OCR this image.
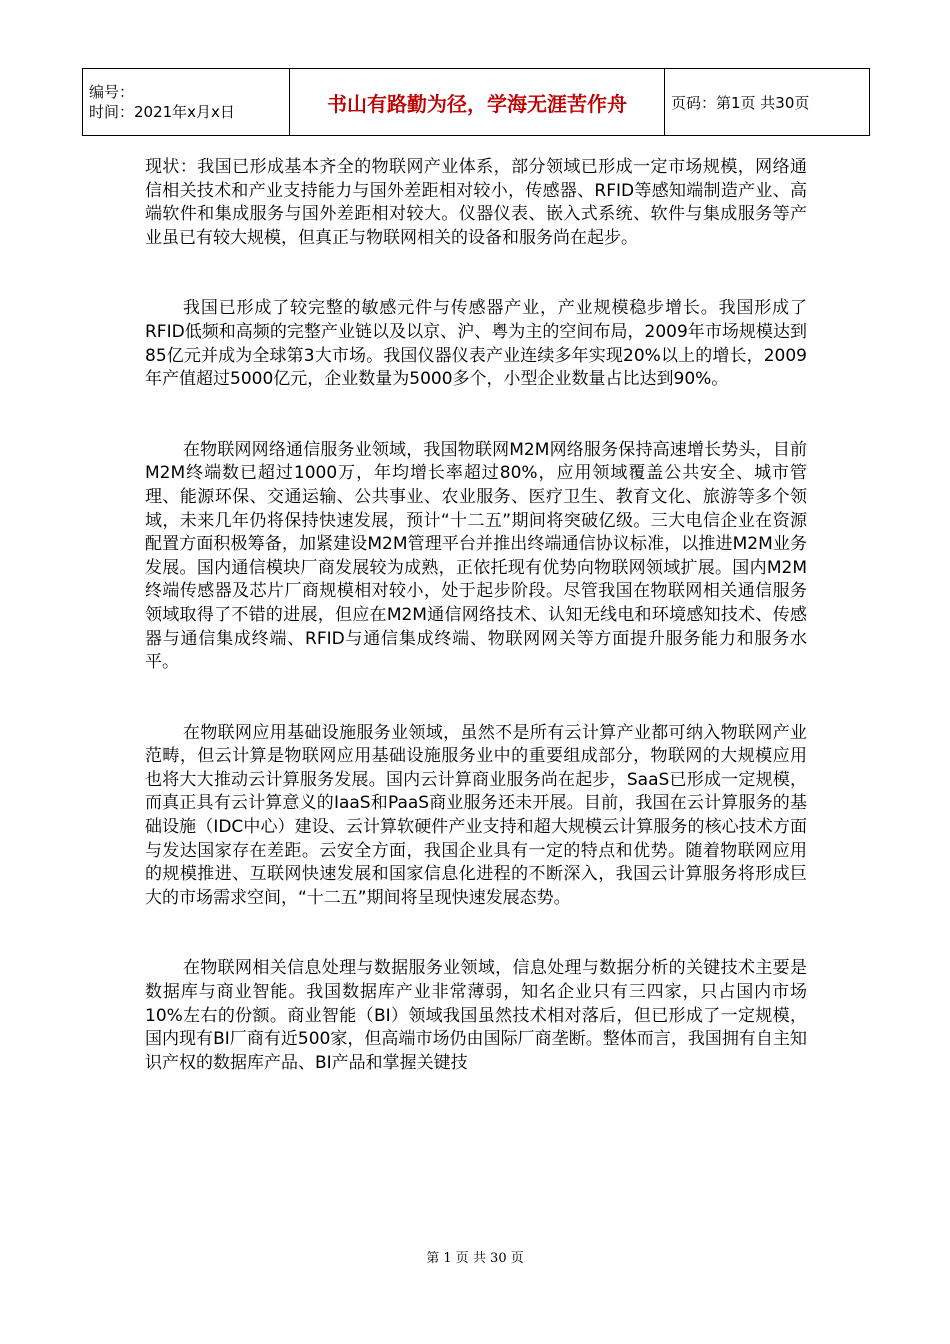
编号：
时间：2021年x月x日	书山有路勤为径，学海无涯苦作舟	页码：第1页 共30页

现状：我国已形成基本齐全的物联网产业体系，部分领域已形成一定市场规模，网络通信相关技术和产业支持能力与国外差距相对较小，传感器、RFID等感知端制造产业、高端软件和集成服务与国外差距相对较大。仪器仪表、嵌入式系统、软件与集成服务等产业虽已有较大规模，但真正与物联网相关的设备和服务尚在起步。

我国已形成了较完整的敏感元件与传感器产业，产业规模稳步增长。我国形成了RFID低频和高频的完整产业链以及以京、沪、粤为主的空间布局，2009年市场规模达到85亿元并成为全球第3大市场。我国仪器仪表产业连续多年实现20%以上的增长，2009年产值超过5000亿元，企业数量为5000多个，小型企业数量占比达到90%。

在物联网网络通信服务业领域，我国物联网M2M网络服务保持高速增长势头，目前M2M终端数已超过1000万，年均增长率超过80%，应用领域覆盖公共安全、城市管理、能源环保、交通运输、公共事业、农业服务、医疗卫生、教育文化、旅游等多个领域，未来几年仍将保持快速发展，预计“十二五”期间将突破亿级。三大电信企业在资源配置方面积极筹备，加紧建设M2M管理平台并推出终端通信协议标准，以推进M2M业务发展。国内通信模块厂商发展较为成熟，正依托现有优势向物联网领域扩展。国内M2M终端传感器及芯片厂商规模相对较小，处于起步阶段。尽管我国在物联网相关通信服务领域取得了不错的进展，但应在M2M通信网络技术、认知无线电和环境感知技术、传感器与通信集成终端、RFID与通信集成终端、物联网网关等方面提升服务能力和服务水平。

在物联网应用基础设施服务业领域，虽然不是所有云计算产业都可纳入物联网产业范畴，但云计算是物联网应用基础设施服务业中的重要组成部分，物联网的大规模应用也将大大推动云计算服务发展。国内云计算商业服务尚在起步，SaaS已形成一定规模，而真正具有云计算意义的IaaS和PaaS商业服务还未开展。目前，我国在云计算服务的基础设施（IDC中心）建设、云计算软硬件产业支持和超大规模云计算服务的核心技术方面与发达国家存在差距。云安全方面，我国企业具有一定的特点和优势。随着物联网应用的规模推进、互联网快速发展和国家信息化进程的不断深入，我国云计算服务将形成巨大的市场需求空间，“十二五”期间将呈现快速发展态势。

在物联网相关信息处理与数据服务业领域，信息处理与数据分析的关键技术主要是数据库与商业智能。我国数据库产业非常薄弱，知名企业只有三四家，只占国内市场10%左右的份额。商业智能（BI）领域我国虽然技术相对落后，但已形成了一定规模，国内现有BI厂商有近500家，但高端市场仍由国际厂商垄断。整体而言，我国拥有自主知识产权的数据库产品、BI产品和掌握关键技

第 1 页 共 30 页
